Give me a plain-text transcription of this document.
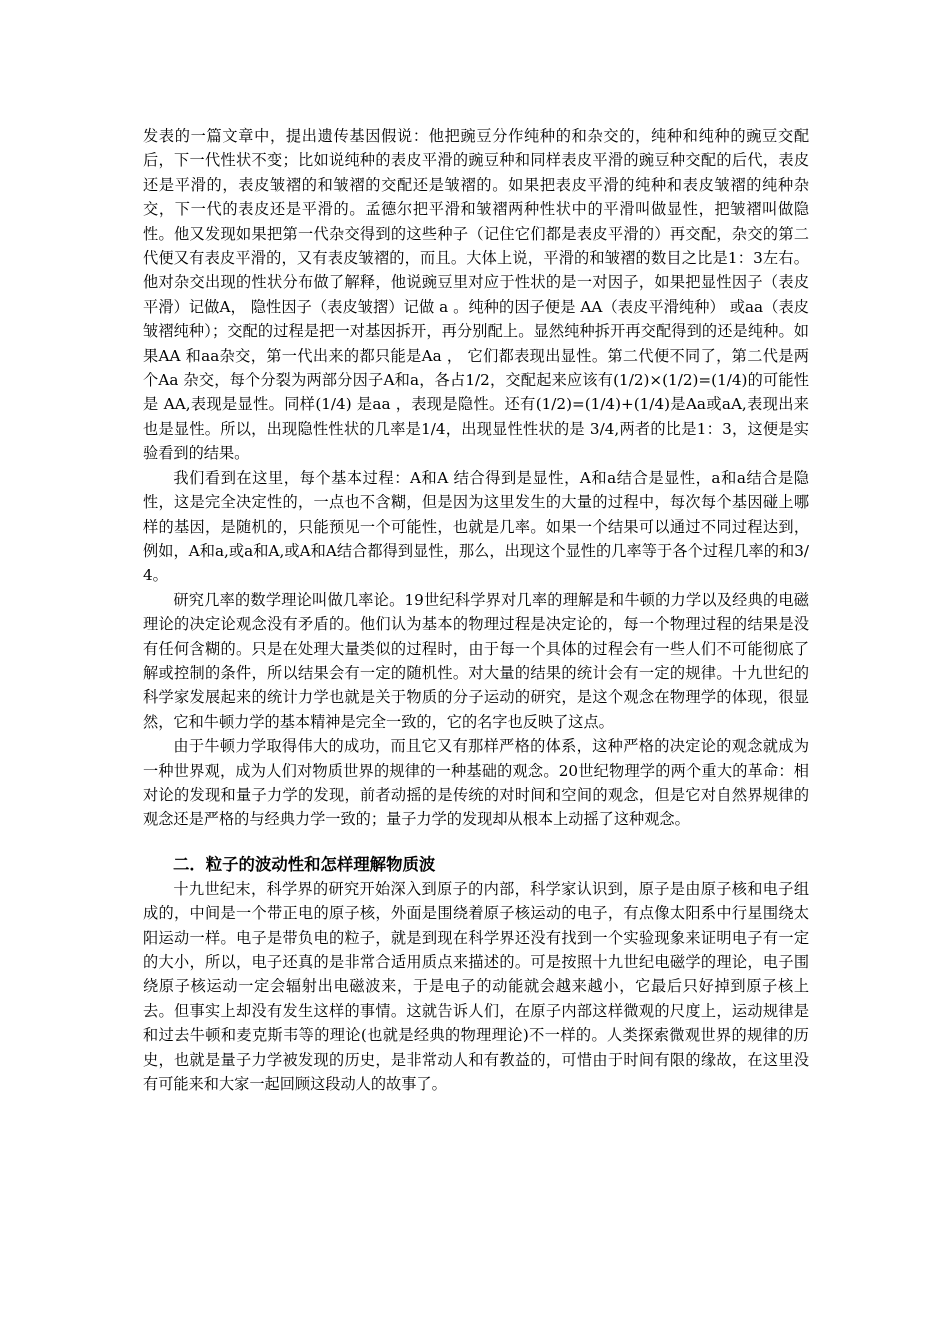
发表的一篇文章中，提出遗传基因假说：他把豌豆分作纯种的和杂交的，纯种和纯种的豌豆交配后，下一代性状不变；比如说纯种的表皮平滑的豌豆种和同样表皮平滑的豌豆种交配的后代，表皮还是平滑的，表皮皱褶的和皱褶的交配还是皱褶的。如果把表皮平滑的纯种和表皮皱褶的纯种杂交，下一代的表皮还是平滑的。孟德尔把平滑和皱褶两种性状中的平滑叫做显性，把皱褶叫做隐性。他又发现如果把第一代杂交得到的这些种子（记住它们都是表皮平滑的）再交配，杂交的第二代便又有表皮平滑的，又有表皮皱褶的，而且。大体上说，平滑的和皱褶的数目之比是1：3左右。他对杂交出现的性状分布做了解释，他说豌豆里对应于性状的是一对因子，如果把显性因子（表皮平滑）记做A， 隐性因子（表皮皱摺）记做 a 。纯种的因子便是 AA（表皮平滑纯种） 或aa（表皮皱褶纯种）；交配的过程是把一对基因拆开，再分别配上。显然纯种拆开再交配得到的还是纯种。如果AA 和aa杂交，第一代出来的都只能是Aa ， 它们都表现出显性。第二代便不同了，第二代是两个Aa 杂交，每个分裂为两部分因子A和a，各占1/2，交配起来应该有(1/2)×(1/2)=(1/4)的可能性是 AA,表现是显性。同样(1/4) 是aa ，表现是隐性。还有(1/2)=(1/4)+(1/4)是Aa或aA,表现出来也是显性。所以，出现隐性性状的几率是1/4，出现显性性状的是 3/4,两者的比是1：3，这便是实验看到的结果。

我们看到在这里，每个基本过程：A和A 结合得到是显性，A和a结合是显性，a和a结合是隐性，这是完全决定性的，一点也不含糊，但是因为这里发生的大量的过程中，每次每个基因碰上哪样的基因，是随机的，只能预见一个可能性，也就是几率。如果一个结果可以通过不同过程达到，例如，A和a,或a和A,或A和A结合都得到显性，那么，出现这个显性的几率等于各个过程几率的和3/4。

研究几率的数学理论叫做几率论。19世纪科学界对几率的理解是和牛顿的力学以及经典的电磁理论的决定论观念没有矛盾的。他们认为基本的物理过程是决定论的，每一个物理过程的结果是没有任何含糊的。只是在处理大量类似的过程时，由于每一个具体的过程会有一些人们不可能彻底了解或控制的条件，所以结果会有一定的随机性。对大量的结果的统计会有一定的规律。十九世纪的科学家发展起来的统计力学也就是关于物质的分子运动的研究，是这个观念在物理学的体现，很显然，它和牛顿力学的基本精神是完全一致的，它的名字也反映了这点。

由于牛顿力学取得伟大的成功，而且它又有那样严格的体系，这种严格的决定论的观念就成为一种世界观，成为人们对物质世界的规律的一种基础的观念。20世纪物理学的两个重大的革命：相对论的发现和量子力学的发现，前者动摇的是传统的对时间和空间的观念，但是它对自然界规律的观念还是严格的与经典力学一致的；量子力学的发现却从根本上动摇了这种观念。

二．粒子的波动性和怎样理解物质波

十九世纪末，科学界的研究开始深入到原子的内部，科学家认识到，原子是由原子核和电子组成的，中间是一个带正电的原子核，外面是围绕着原子核运动的电子，有点像太阳系中行星围绕太阳运动一样。电子是带负电的粒子，就是到现在科学界还没有找到一个实验现象来证明电子有一定的大小，所以，电子还真的是非常合适用质点来描述的。可是按照十九世纪电磁学的理论，电子围绕原子核运动一定会辐射出电磁波来，于是电子的动能就会越来越小，它最后只好掉到原子核上去。但事实上却没有发生这样的事情。这就告诉人们，在原子内部这样微观的尺度上，运动规律是和过去牛顿和麦克斯韦等的理论(也就是经典的物理理论)不一样的。人类探索微观世界的规律的历史，也就是量子力学被发现的历史，是非常动人和有教益的，可惜由于时间有限的缘故，在这里没有可能来和大家一起回顾这段动人的故事了。
